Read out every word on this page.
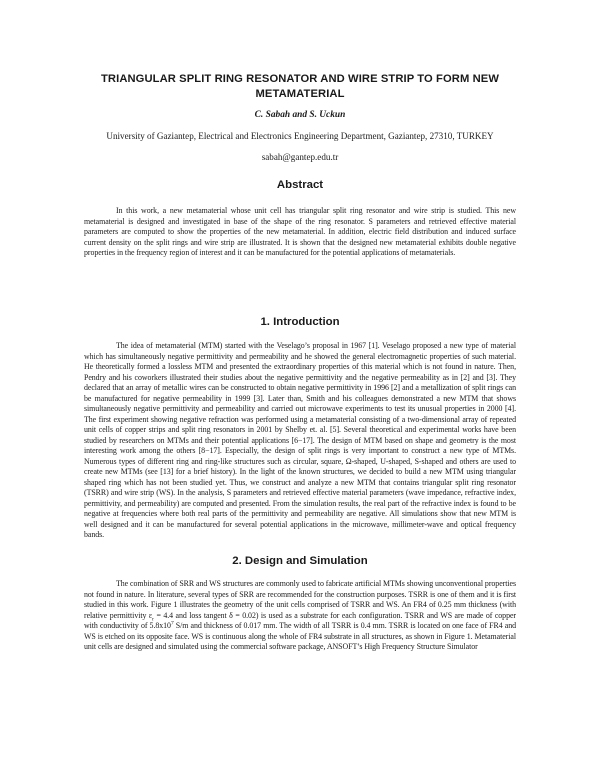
TRIANGULAR SPLIT RING RESONATOR AND WIRE STRIP TO FORM NEW METAMATERIAL
C. Sabah and S. Uckun
University of Gaziantep, Electrical and Electronics Engineering Department, Gaziantep, 27310, TURKEY
sabah@gantep.edu.tr
Abstract

In this work, a new metamaterial whose unit cell has triangular split ring resonator and wire strip is studied. This new metamaterial is designed and investigated in base of the shape of the ring resonator. S parameters and retrieved effective material parameters are computed to show the properties of the new metamaterial. In addition, electric field distribution and induced surface current density on the split rings and wire strip are illustrated. It is shown that the designed new metamaterial exhibits double negative properties in the frequency region of interest and it can be manufactured for the potential applications of metamaterials.

1. Introduction

The idea of metamaterial (MTM) started with the Veselago’s proposal in 1967 [1]. Veselago proposed a new type of material which has simultaneously negative permittivity and permeability and he showed the general electromagnetic properties of such material. He theoretically formed a lossless MTM and presented the extraordinary properties of this material which is not found in nature. Then, Pendry and his coworkers illustrated their studies about the negative permittivity and the negative permeability as in [2] and [3]. They declared that an array of metallic wires can be constructed to obtain negative permittivity in 1996 [2] and a metallization of split rings can be manufactured for negative permeability in 1999 [3]. Later than, Smith and his colleagues demonstrated a new MTM that shows simultaneously negative permittivity and permeability and carried out microwave experiments to test its unusual properties in 2000 [4]. The first experiment showing negative refraction was performed using a metamaterial consisting of a two-dimensional array of repeated unit cells of copper strips and split ring resonators in 2001 by Shelby et. al. [5]. Several theoretical and experimental works have been studied by researchers on MTMs and their potential applications [6−17]. The design of MTM based on shape and geometry is the most interesting work among the others [8−17]. Especially, the design of split rings is very important to construct a new type of MTMs. Numerous types of different ring and ring-like structures such as circular, square, Ω-shaped, U-shaped, S-shaped and others are used to create new MTMs (see [13] for a brief history). In the light of the known structures, we decided to build a new MTM using triangular shaped ring which has not been studied yet. Thus, we construct and analyze a new MTM that contains triangular split ring resonator (TSRR) and wire strip (WS). In the analysis, S parameters and retrieved effective material parameters (wave impedance, refractive index, permittivity, and permeability) are computed and presented. From the simulation results, the real part of the refractive index is found to be negative at frequencies where both real parts of the permittivity and permeability are negative. All simulations show that new MTM is well designed and it can be manufactured for several potential applications in the microwave, millimeter-wave and optical frequency bands.

2. Design and Simulation

The combination of SRR and WS structures are commonly used to fabricate artificial MTMs showing unconventional properties not found in nature. In literature, several types of SRR are recommended for the construction purposes. TSRR is one of them and it is first studied in this work. Figure 1 illustrates the geometry of the unit cells comprised of TSRR and WS. An FR4 of 0.25 mm thickness (with relative permittivity $\varepsilon_r = 4.4$ and loss tangent δ = 0.02) is used as a substrate for each configuration. TSRR and WS are made of copper with conductivity of $5.8x10^7$ S/m and thickness of 0.017 mm. The width of all TSRR is 0.4 mm. TSRR is located on one face of FR4 and WS is etched on its opposite face. WS is continuous along the whole of FR4 substrate in all structures, as shown in Figure 1. Metamaterial unit cells are designed and simulated using the commercial software package, ANSOFT’s High Frequency Structure Simulator
